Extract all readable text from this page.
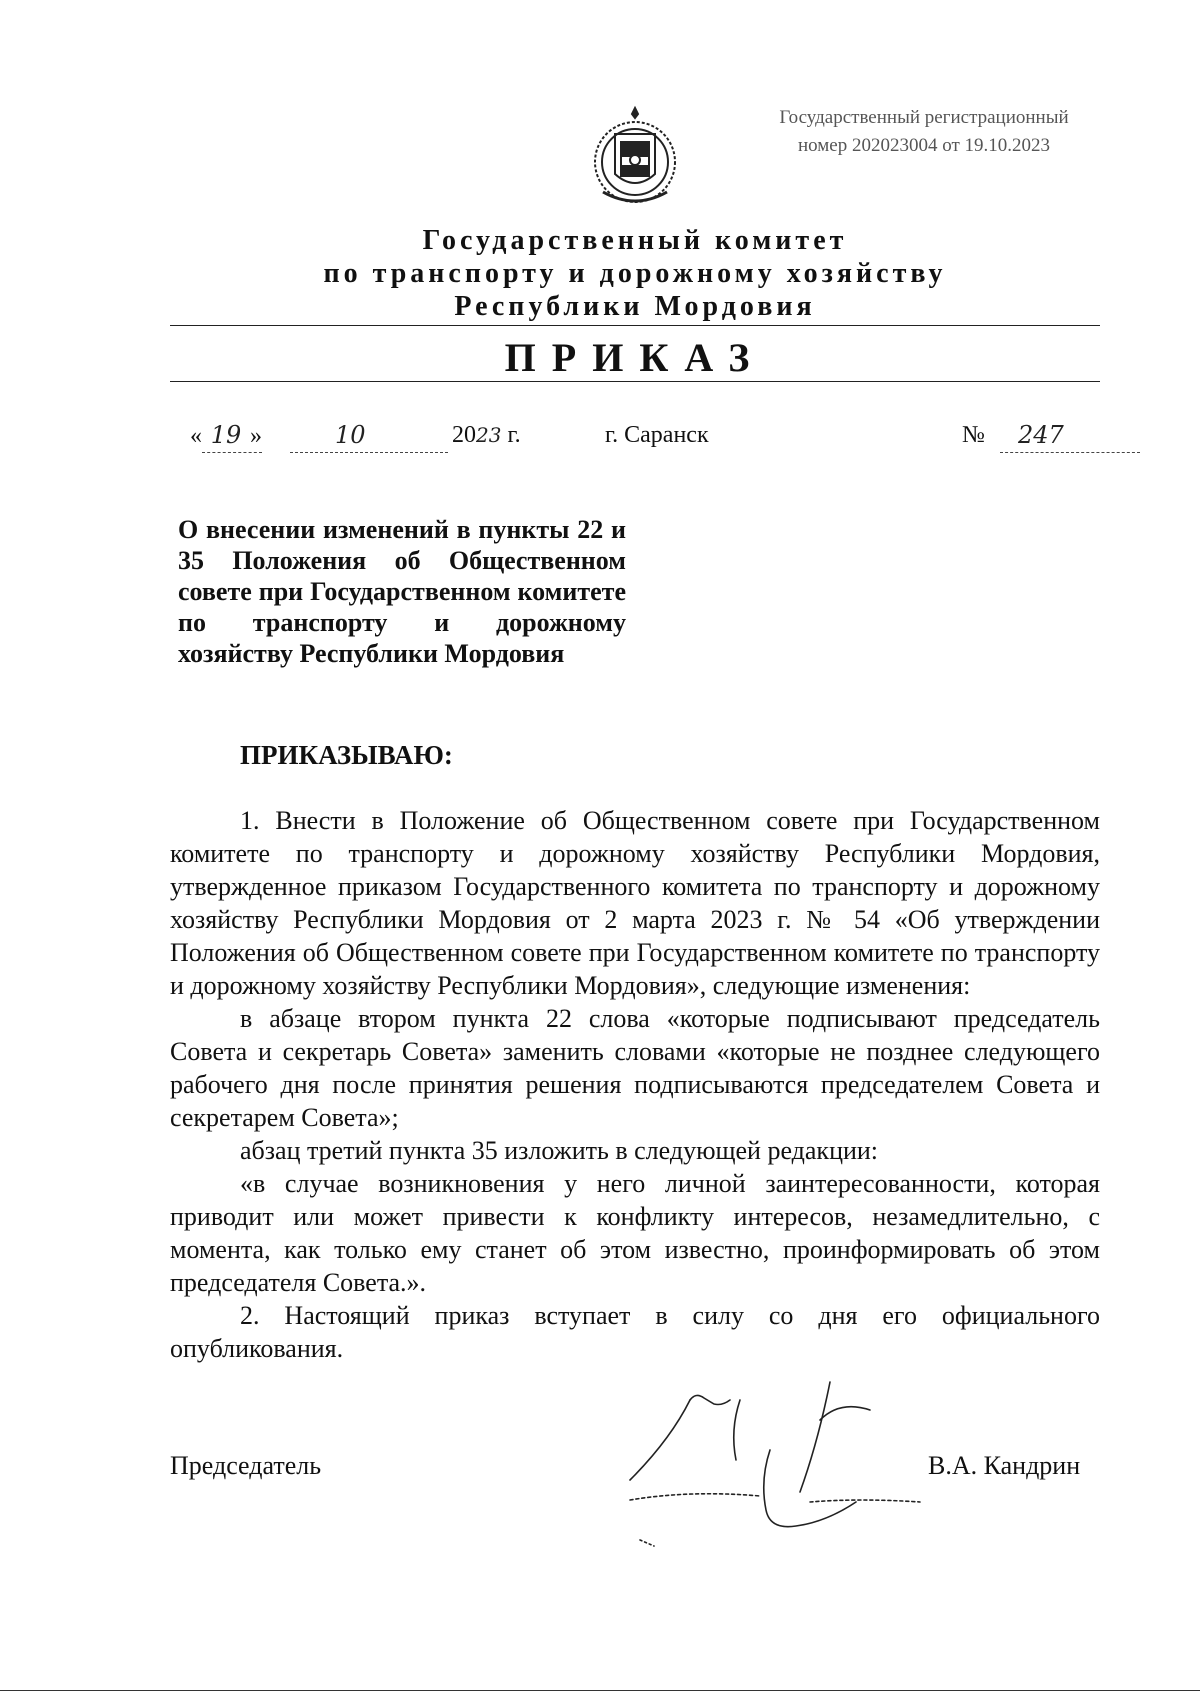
Государственный регистрационный
номер 202023004 от 19.10.2023
Государственный комитет
по транспорту и дорожному хозяйству
Республики Мордовия
ПРИКАЗ
« 19 »	10	2023 г.	г. Саранск	№ 247
О внесении изменений в пункты 22 и 35 Положения об Общественном совете при Государственном комитете по транспорту и дорожному хозяйству Республики Мордовия
ПРИКАЗЫВАЮ:

1. Внести в Положение об Общественном совете при Государственном комитете по транспорту и дорожному хозяйству Республики Мордовия, утвержденное приказом Государственного комитета по транспорту и дорожному хозяйству Республики Мордовия от 2 марта 2023 г. № 54 «Об утверждении Положения об Общественном совете при Государственном комитете по транспорту и дорожному хозяйству Республики Мордовия», следующие изменения:

в абзаце втором пункта 22 слова «которые подписывают председатель Совета и секретарь Совета» заменить словами «которые не позднее следующего рабочего дня после принятия решения подписываются председателем Совета и секретарем Совета»;

абзац третий пункта 35 изложить в следующей редакции:

«в случае возникновения у него личной заинтересованности, которая приводит или может привести к конфликту интересов, незамедлительно, с момента, как только ему станет об этом известно, проинформировать об этом председателя Совета.».

2. Настоящий приказ вступает в силу со дня его официального опубликования.

Председатель	В.А. Кандрин
